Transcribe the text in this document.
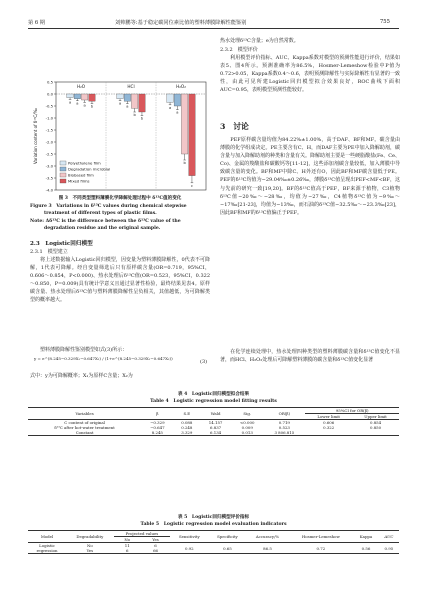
第 6 期	刘帅鹏等:基于稳定碳同位素比值的塑料薄膜降解性能鉴别	755
0.5
0.0
-0.5
-1.0
-1.5
-2.0
-2.5
-3.0
-3.5
-4.0
Variation content of δ¹³C/‰
H₂O
a a a b
HCl
a
a
b
b
H₂O₂
a
a
b
c
Polyethylene film
Degradation microbial
Biobased film
Mixed films
图 3　不同类型塑料薄膜化学降解处理过程中 δ¹³C值的变化
Figure 3　Variations in δ¹³C values during chemical stepwise
treatment of different types of plastic films.
Note: Δδ¹³C is the difference between the δ¹³C value of the
degradation residue and the original sample.
2.3　Logistic回归模型
2.3.1　模型建立
　　将上述数据输入Logistic回归模型，因变量为塑料薄膜降解性，0代表不可降解，1代表可降解。经自变量筛选后只有原样碳含量(OR=0.719，95%CI，0.606～0.854，P<0.000)、热水处理后δ¹³C值(OR=0.523，95%CI，0.322～0.850，P=0.009)具有统计学意义且通过显著性检验，最终结果见表4。原样碳含量、热水处理后δ¹³C值与塑料薄膜降解性呈负相关，其值越低，为可降解类型的概率越大。
　　塑料薄膜降解性鉴别模型如式(3)所示：
y = e^(8.245−0.329X₁−0.647X₂) / (1+e^(8.245−0.329X₁−0.647X₂))
(3)
式中：y为可降解概率；X₁为原样C含量；X₂为
热水处理δ¹³C含量；e为自然常数。
2.3.2　模型评价
　　利用模型评价指标、AUC、Kappa系数对模型的预测性能进行评价，结果如表5、图4所示。预测准确率为86.5%，Hosmer-Lemeshow检验中P值为0.72>0.05，Kappa系数0.4～0.6，表明预测降解性与实际降解性有显著的一致性，由此可见所建Logistic回归模型拟合效果良好，ROC曲线下面积AUC=0.95，表明模型预测性能较好。
3　讨论
　　PEF原样碳含量均值为84.22%±1.00%，高于DAF、BF和MF。碳含量由薄膜的化学组成决定。PE主要含有C、H，而DAF主要为PE中加入降解助剂，碳含量与加入降解助剂的种类和含量有关。降解助剂主要是一些硬脂酸盐(Fe、Ce、Co)、金属的羧酸盐和碳酸钙等[11-12]，这些添加剂碳含量较低，加入薄膜中导致碳含量的变化。BF和MF中除C、H外还有O，因此BF和MF碳含量低于PE。PEF的δ¹³C均值为−29.04‰±0.26‰，薄膜δ¹³C值呈现出PEF<MF<BF，这与先前的研究一致[19,20]。BF的δ¹³C值高于PEF，BF来源于植物，C3植物δ¹³C值−20‰～−28‰，均值为−27‰，C4植物δ¹³C值为−9‰～−17‰[21-23]，均值为−13‰，而石油的δ¹³C值−32.5‰～−23.3‰[23]，因此BF和MF的δ¹³C值偏正于PEF。
　　在化学连续处理中，热水处理四种类型的塑料薄膜碳含量和δ¹³C值变化不显著，而HCl、H₂O₂处理后可降解塑料薄膜的碳含量和δ¹³C值变化显著
表 4　Logistic回归模型拟合结果
Table 4　Logistic regression model fitting results
Variables	β	S.E	Wald	Sig.	OR(β)	95%CI for OR(β)	
						Lower limit	Upper limit
C content of original	−0.329	0.088	14.157	<0.000	0.719	0.606	0.854
δ¹³C after hot-water treatment	−0.647	0.248	6.837	0.009	0.523	0.322	0.850
Constant	8.245	3.329	6.134	0.013	3 806.815		
表 5　Logistic回归模型评价指标
Table 5　Logistic regression model evaluation indicators
Model	Degradability	Projected values		Sensitivity	Specificity	Accuracy/%	Hosmer-Lemeshow	Kappa	AUC
		No	Yes						
Logistic regression	No	11	6	0.92	0.65	86.5	0.72	0.56	0.95
	Yes	6	66						
